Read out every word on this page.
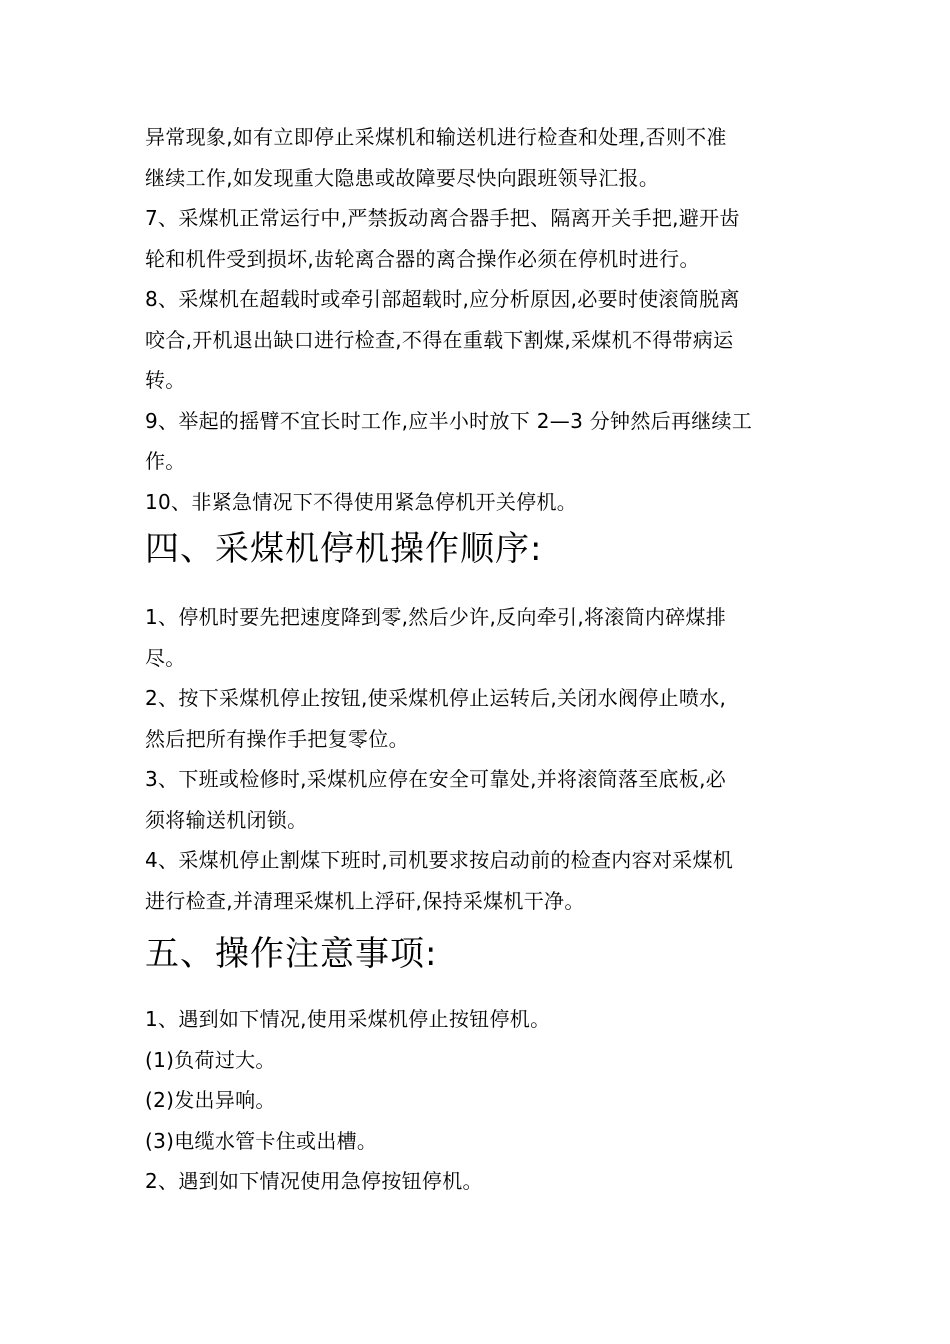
异常现象,如有立即停止采煤机和输送机进行检查和处理,否则不准
继续工作,如发现重大隐患或故障要尽快向跟班领导汇报。
7、采煤机正常运行中,严禁扳动离合器手把、隔离开关手把,避开齿
轮和机件受到损坏,齿轮离合器的离合操作必须在停机时进行。
8、采煤机在超载时或牵引部超载时,应分析原因,必要时使滚筒脱离
咬合,开机退出缺口进行检查,不得在重载下割煤,采煤机不得带病运
转。
9、举起的摇臂不宜长时工作,应半小时放下 2—3 分钟然后再继续工
作。
10、非紧急情况下不得使用紧急停机开关停机。
四、采煤机停机操作顺序:
1、停机时要先把速度降到零,然后少许,反向牵引,将滚筒内碎煤排
尽。
2、按下采煤机停止按钮,使采煤机停止运转后,关闭水阀停止喷水,
然后把所有操作手把复零位。
3、下班或检修时,采煤机应停在安全可靠处,并将滚筒落至底板,必
须将输送机闭锁。
4、采煤机停止割煤下班时,司机要求按启动前的检查内容对采煤机
进行检查,并清理采煤机上浮矸,保持采煤机干净。
五、操作注意事项:
1、遇到如下情况,使用采煤机停止按钮停机。
(1)负荷过大。
(2)发出异响。
(3)电缆水管卡住或出槽。
2、遇到如下情况使用急停按钮停机。
